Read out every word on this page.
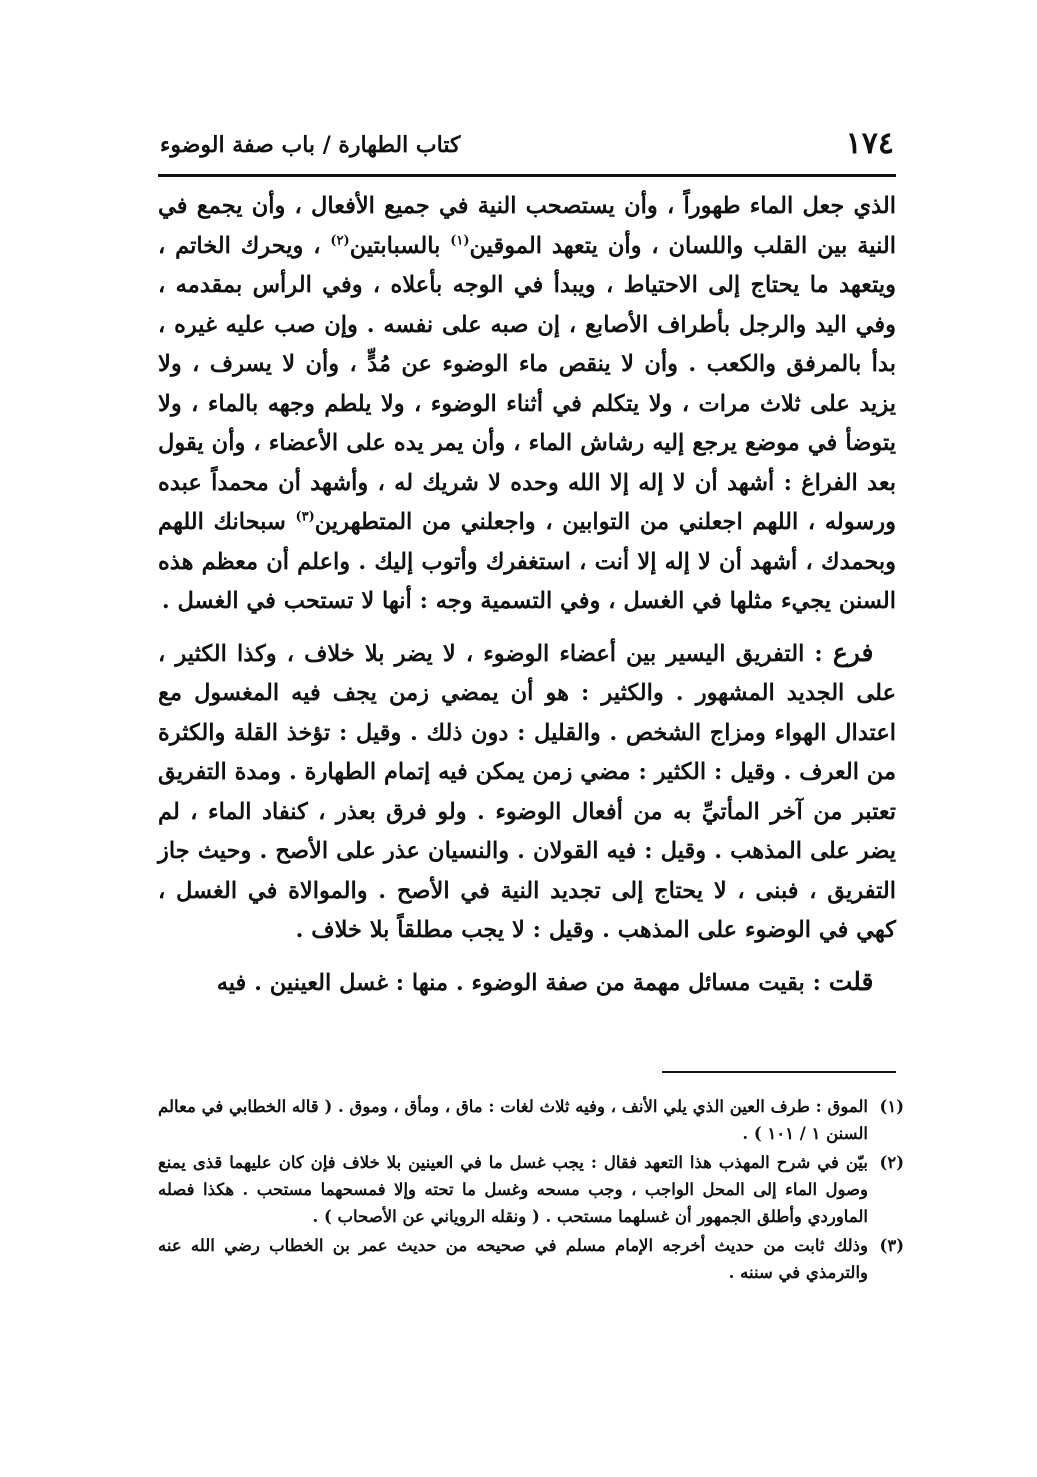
١٧٤
كتاب الطهارة / باب صفة الوضوء

الذي جعل الماء طهوراً ، وأن يستصحب النية في جميع الأفعال ، وأن يجمع في النية بين القلب واللسان ، وأن يتعهد الموقين$^{(١)}$ بالسبابتين$^{(٢)}$ ، ويحرك الخاتم ، ويتعهد ما يحتاج إلى الاحتياط ، ويبدأ في الوجه بأعلاه ، وفي الرأس بمقدمه ، وفي اليد والرجل بأطراف الأصابع ، إن صبه على نفسه . وإن صب عليه غيره ، بدأ بالمرفق والكعب . وأن لا ينقص ماء الوضوء عن مُدٍّ ، وأن لا يسرف ، ولا يزيد على ثلاث مرات ، ولا يتكلم في أثناء الوضوء ، ولا يلطم وجهه بالماء ، ولا يتوضأ في موضع يرجع إليه رشاش الماء ، وأن يمر يده على الأعضاء ، وأن يقول بعد الفراغ : أشهد أن لا إله إلا الله وحده لا شريك له ، وأشهد أن محمداً عبده ورسوله ، اللهم اجعلني من التوابين ، واجعلني من المتطهرين$^{(٣)}$ سبحانك اللهم وبحمدك ، أشهد أن لا إله إلا أنت ، استغفرك وأتوب إليك . واعلم أن معظم هذه السنن يجيء مثلها في الغسل ، وفي التسمية وجه : أنها لا تستحب في الغسل .

 فرع : التفريق اليسير بين أعضاء الوضوء ، لا يضر بلا خلاف ، وكذا الكثير ، على الجديد المشهور . والكثير : هو أن يمضي زمن يجف فيه المغسول مع اعتدال الهواء ومزاج الشخص . والقليل : دون ذلك . وقيل : تؤخذ القلة والكثرة من العرف . وقيل : الكثير : مضي زمن يمكن فيه إتمام الطهارة . ومدة التفريق تعتبر من آخر المأتيِّ به من أفعال الوضوء . ولو فرق بعذر ، كنفاد الماء ، لم يضر على المذهب . وقيل : فيه القولان . والنسيان عذر على الأصح . وحيث جاز التفريق ، فبنى ، لا يحتاج إلى تجديد النية في الأصح . والموالاة في الغسل ، كهي في الوضوء على المذهب . وقيل : لا يجب مطلقاً بلا خلاف .

 قلت : بقيت مسائل مهمة من صفة الوضوء . منها : غسل العينين . فيه

(١)
الموق : طرف العين الذي يلي الأنف ، وفيه ثلاث لغات : ماق ، ومأق ، وموق . ( قاله الخطابي في معالم السنن ١ / ١٠١ ) .
(٢)
بيّن في شرح المهذب هذا التعهد فقال : يجب غسل ما في العينين بلا خلاف فإن كان عليهما قذى يمنع وصول الماء إلى المحل الواجب ، وجب مسحه وغسل ما تحته وإلا فمسحهما مستحب . هكذا فصله الماوردي وأطلق الجمهور أن غسلهما مستحب . ( ونقله الروياني عن الأصحاب ) .
(٣)
وذلك ثابت من حديث أخرجه الإمام مسلم في صحيحه من حديث عمر بن الخطاب رضي الله عنه والترمذي في سننه .
